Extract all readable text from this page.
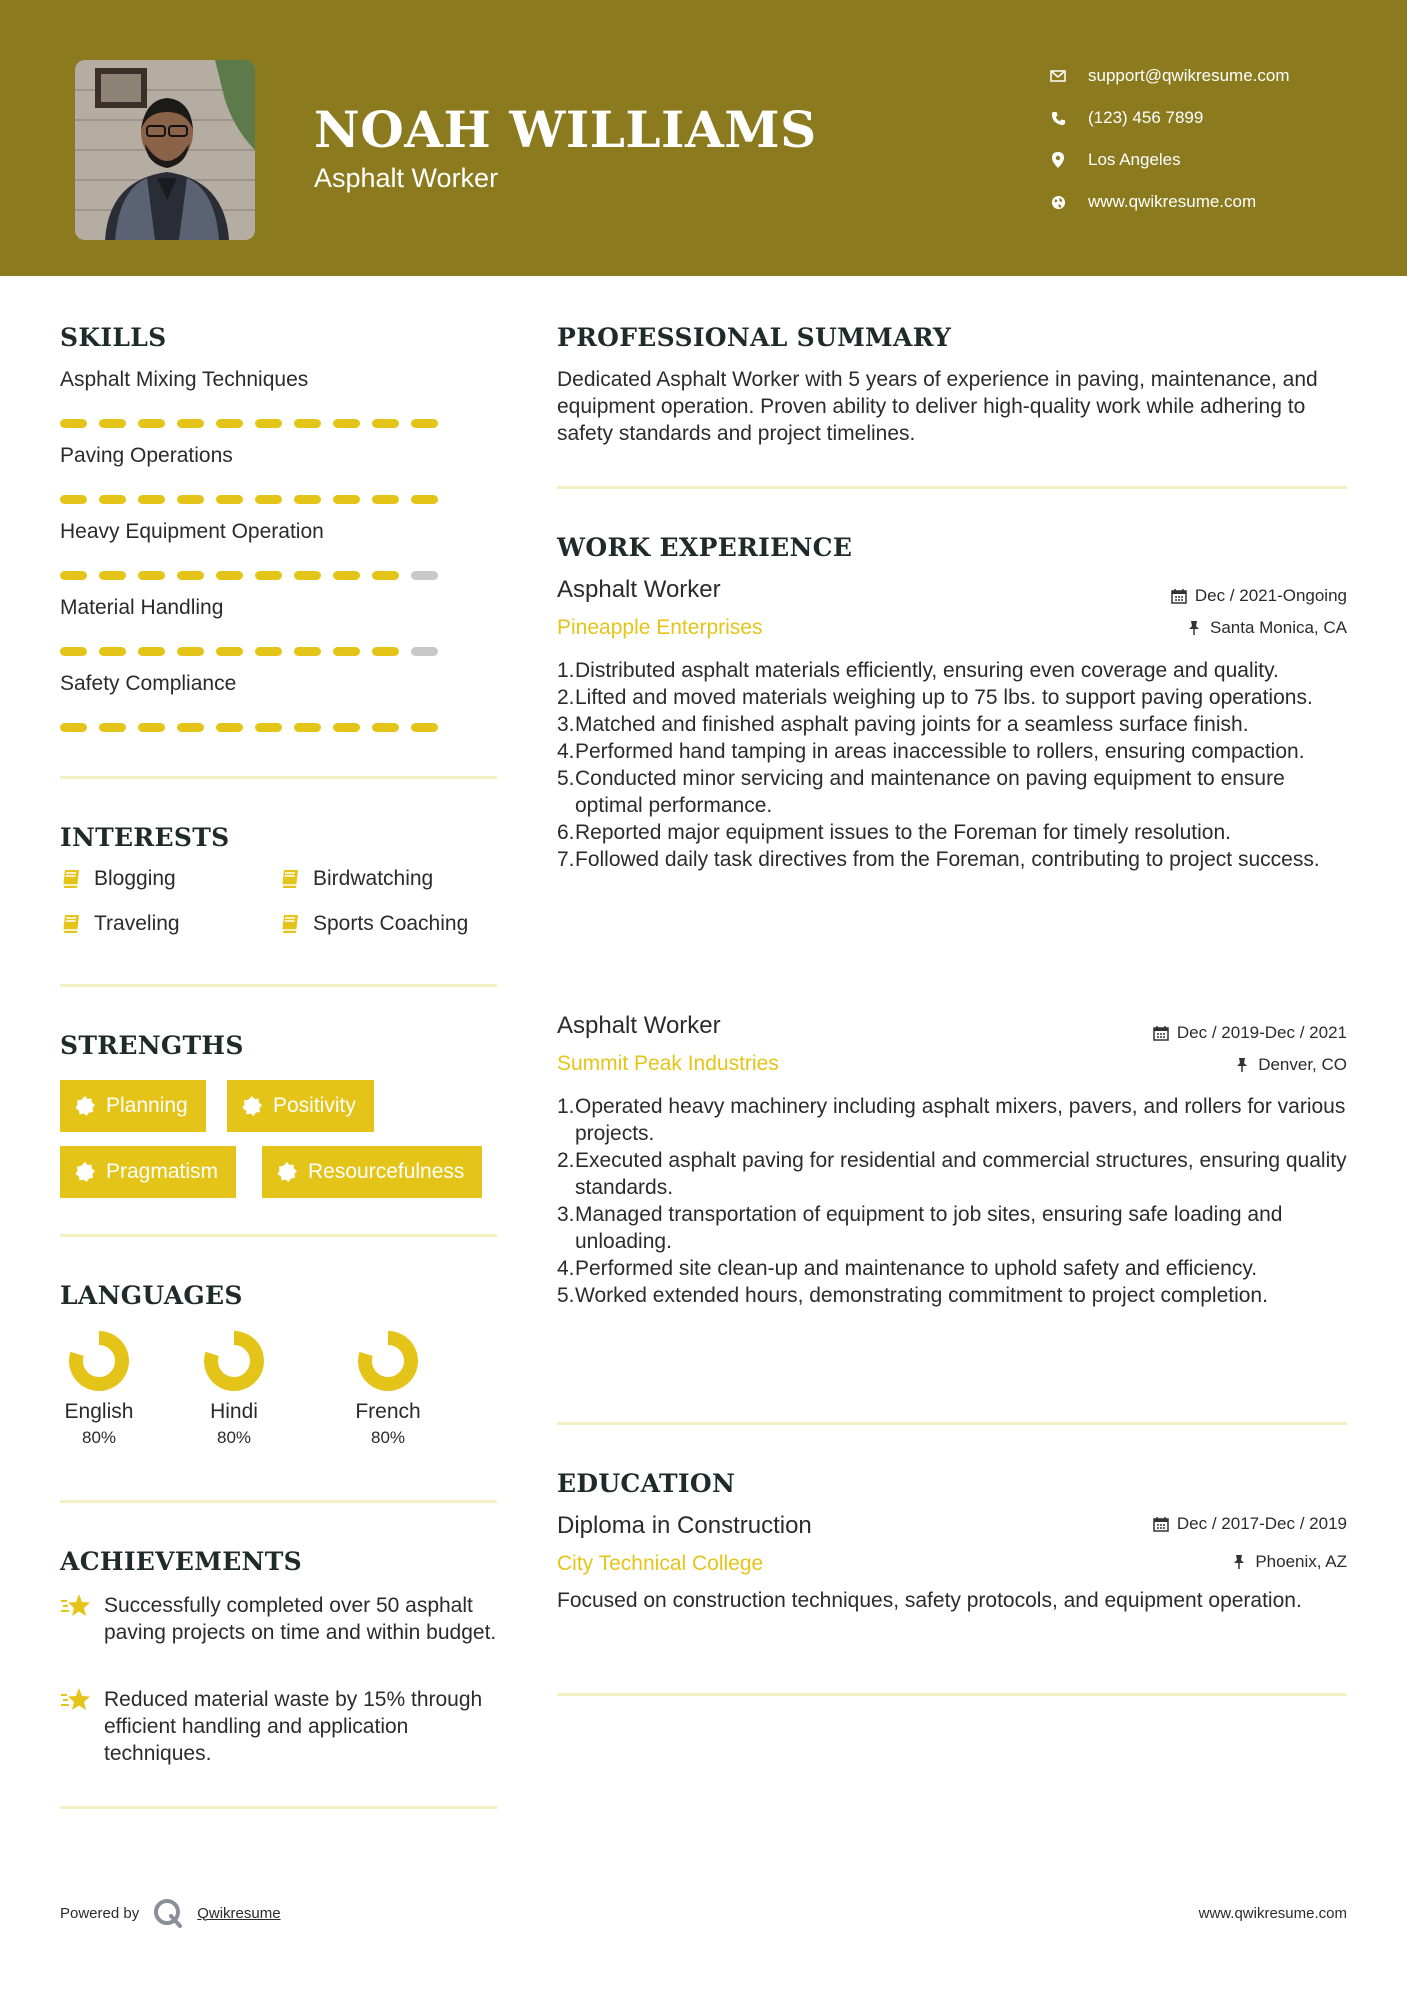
NOAH WILLIAMS
Asphalt Worker
support@qwikresume.com
(123) 456 7899
Los Angeles
www.qwikresume.com
SKILLS
Asphalt Mixing Techniques
Paving Operations
Heavy Equipment Operation
Material Handling
Safety Compliance
INTERESTS
Blogging	Birdwatching
Traveling	Sports Coaching
STRENGTHS
Planning	Positivity
Pragmatism	Resourcefulness
LANGUAGES
English
80%
Hindi
80%
French
80%
ACHIEVEMENTS
Successfully completed over 50 asphalt paving projects on time and within budget.
Reduced material waste by 15% through efficient handling and application techniques.
PROFESSIONAL SUMMARY

Dedicated Asphalt Worker with 5 years of experience in paving, maintenance, and equipment operation. Proven ability to deliver high-quality work while adhering to safety standards and project timelines.

WORK EXPERIENCE
Asphalt Worker	Dec / 2021-Ongoing
Pineapple Enterprises	Santa Monica, CA
1. Distributed asphalt materials efficiently, ensuring even coverage and quality.
2. Lifted and moved materials weighing up to 75 lbs. to support paving operations.
3. Matched and finished asphalt paving joints for a seamless surface finish.
4. Performed hand tamping in areas inaccessible to rollers, ensuring compaction.
5. Conducted minor servicing and maintenance on paving equipment to ensure optimal performance.
6. Reported major equipment issues to the Foreman for timely resolution.
7. Followed daily task directives from the Foreman, contributing to project success.
Asphalt Worker	Dec / 2019-Dec / 2021
Summit Peak Industries	Denver, CO
1. Operated heavy machinery including asphalt mixers, pavers, and rollers for various projects.
2. Executed asphalt paving for residential and commercial structures, ensuring quality standards.
3. Managed transportation of equipment to job sites, ensuring safe loading and unloading.
4. Performed site clean-up and maintenance to uphold safety and efficiency.
5. Worked extended hours, demonstrating commitment to project completion.
EDUCATION
Diploma in Construction	Dec / 2017-Dec / 2019
City Technical College	Phoenix, AZ

Focused on construction techniques, safety protocols, and equipment operation.

Powered by	Qwikresume	www.qwikresume.com
